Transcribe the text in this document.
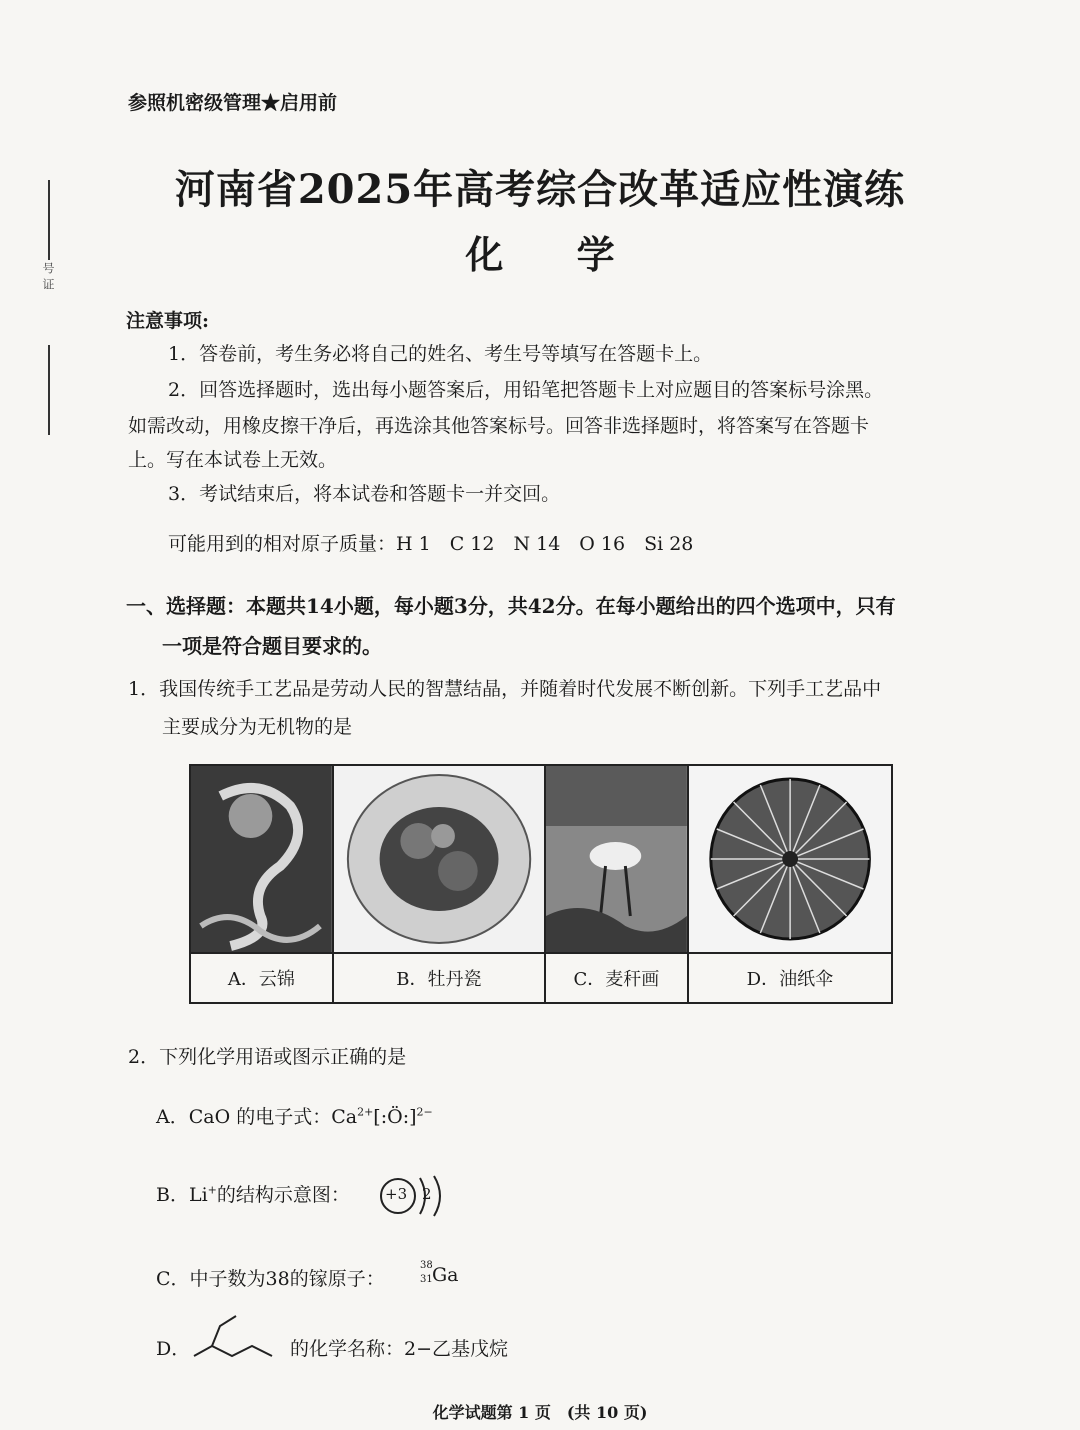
号 证
参照机密级管理★启用前
河南省2025年高考综合改革适应性演练
化 学
注意事项:
1．答卷前，考生务必将自己的姓名、考生号等填写在答题卡上。
2．回答选择题时，选出每小题答案后，用铅笔把答题卡上对应题目的答案标号涂黑。
如需改动，用橡皮擦干净后，再选涂其他答案标号。回答非选择题时，将答案写在答题卡
上。写在本试卷上无效。
3．考试结束后，将本试卷和答题卡一并交回。
可能用到的相对原子质量：H 1　C 12　N 14　O 16　Si 28
一、选择题：本题共14小题，每小题3分，共42分。在每小题给出的四个选项中，只有
一项是符合题目要求的。
1．我国传统手工艺品是劳动人民的智慧结晶，并随着时代发展不断创新。下列手工艺品中
主要成分为无机物的是

A．云锦	B．牡丹瓷	C．麦秆画	D．油纸伞
2．下列化学用语或图示正确的是
A．CaO 的电子式：$Ca^{2+}[:Ö:]^{2-}$
B．Li+的结构示意图： +3 2
C．中子数为38的镓原子：
38
31 Ga
D．	的化学名称：2−乙基戊烷
化学试题第 1 页　(共 10 页)
